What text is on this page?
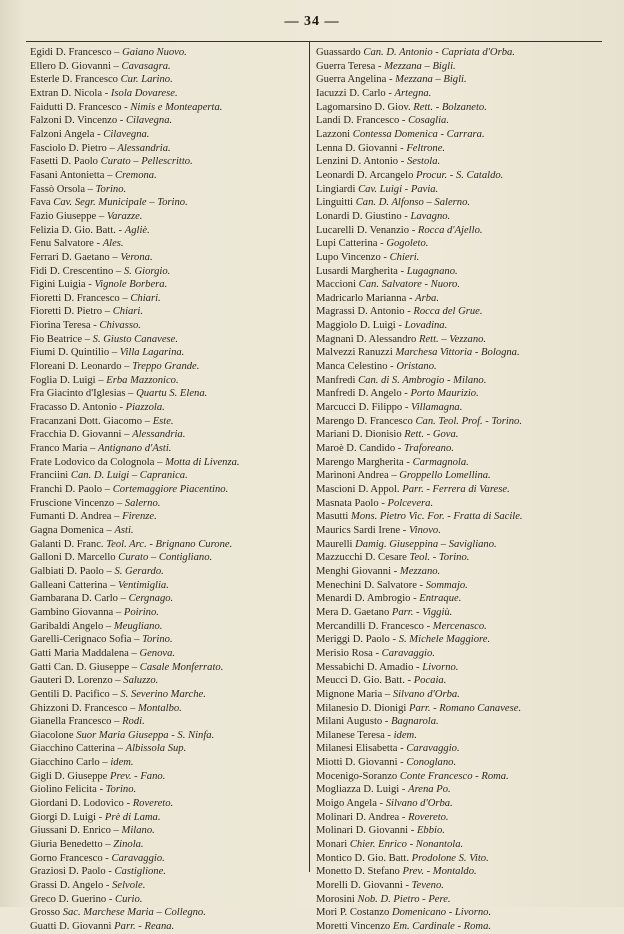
— 34 —
Egidi D. Francesco – Gaiano Nuovo.
Ellero D. Giovanni – Cavasagra.
Esterle D. Francesco Cur. Larino.
Extran D. Nicola - Isola Dovarese.
Faidutti D. Francesco - Nimis e Monteaperta.
Falzoni D. Vincenzo - Cilavegna.
Falzoni Angela - Cilavegna.
Fasciolo D. Pietro – Alessandria.
Fasetti D. Paolo Curato – Pellescritto.
Fasani Antonietta – Cremona.
Fassò Orsola – Torino.
Fava Cav. Segr. Municipale – Torino.
Fazio Giuseppe – Varazze.
Felizia D. Gio. Batt. - Agliè.
Fenu Salvatore - Ales.
Ferrari D. Gaetano – Verona.
Fidi D. Crescentino – S. Giorgio.
Figini Luigia - Vignole Borbera.
Fioretti D. Francesco – Chiari.
Fioretti D. Pietro – Chiari.
Fiorina Teresa - Chivasso.
Fio Beatrice – S. Giusto Canavese.
Fiumi D. Quintilio – Villa Lagarina.
Floreani D. Leonardo – Treppo Grande.
Foglia D. Luigi – Erba Mazzonico.
Fra Giacinto d'Iglesias – Quartu S. Elena.
Fracasso D. Antonio - Piazzola.
Fracanzani Dott. Giacomo – Este.
Fracchia D. Giovanni – Alessandria.
Franco Maria – Antignano d'Asti.
Frate Lodovico da Colognola – Motta di Livenza.
Franciini Can. D. Luigi – Capranica.
Franchi D. Paolo – Cortemaggiore Piacentino.
Fruscione Vincenzo – Salerno.
Fumanti D. Andrea – Firenze.
Gagna Domenica – Asti.
Galanti D. Franc. Teol. Arc. - Brignano Curone.
Galloni D. Marcello Curato – Contigliano.
Galbiati D. Paolo – S. Gerardo.
Galleani Catterina – Ventimiglia.
Gambarana D. Carlo – Cergnago.
Gambino Giovanna – Poirino.
Garibaldi Angelo – Meugliano.
Garelli-Cerignaco Sofia – Torino.
Gatti Maria Maddalena – Genova.
Gatti Can. D. Giuseppe – Casale Monferrato.
Gauteri D. Lorenzo – Saluzzo.
Gentili D. Pacifico – S. Severino Marche.
Ghizzoni D. Francesco – Montalbo.
Gianella Francesco – Rodi.
Giacolone Suor Maria Giuseppa - S. Ninfa.
Giacchino Catterina – Albissola Sup.
Giacchino Carlo – idem.
Gigli D. Giuseppe Prev. - Fano.
Giolino Felicita - Torino.
Giordani D. Lodovico - Rovereto.
Giorgi D. Luigi - Prè di Lama.
Giussani D. Enrico – Milano.
Giuria Benedetto – Zinola.
Gorno Francesco - Caravaggio.
Graziosi D. Paolo - Castiglione.
Grassi D. Angelo - Selvole.
Greco D. Guerino - Curio.
Grosso Sac. Marchese Maria – Collegno.
Guatti D. Giovanni Parr. - Reana.
Guassardo Can. D. Antonio - Capriata d'Orba.
Guerra Teresa - Mezzana – Bigli.
Guerra Angelina - Mezzana – Bigli.
Iacuzzi D. Carlo - Artegna.
Lagomarsino D. Giov. Rett. - Bolzaneto.
Landi D. Francesco - Cosaglia.
Lazzoni Contessa Domenica - Carrara.
Lenna D. Giovanni - Feltrone.
Lenzini D. Antonio - Sestola.
Leonardi D. Arcangelo Procur. - S. Cataldo.
Lingiardi Cav. Luigi - Pavia.
Linguitti Can. D. Alfonso – Salerno.
Lonardi D. Giustino - Lavagno.
Lucarelli D. Venanzio - Rocca d'Ajello.
Lupi Catterina - Gogoleto.
Lupo Vincenzo - Chieri.
Lusardi Margherita - Lugagnano.
Maccioni Can. Salvatore - Nuoro.
Madricarlo Marianna - Arba.
Magrassi D. Antonio - Rocca del Grue.
Maggiolo D. Luigi - Lovadina.
Magnani D. Alessandro Rett. – Vezzano.
Malvezzi Ranuzzi Marchesa Vittoria - Bologna.
Manca Celestino - Oristano.
Manfredi Can. di S. Ambrogio - Milano.
Manfredi D. Angelo - Porto Maurizio.
Marcucci D. Filippo - Villamagna.
Marengo D. Francesco Can. Teol. Prof. - Torino.
Mariani D. Dionisio Rett. - Gova.
Maroè D. Candido - Traforeano.
Marengo Margherita - Carmagnola.
Marinoni Andrea – Groppello Lomellina.
Mascioni D. Appol. Parr. - Ferrera di Varese.
Masnata Paolo - Polcevera.
Masutti Mons. Pietro Vic. For. - Fratta di Sacile.
Maurics Sardi Irene - Vinovo.
Maurelli Damig. Giuseppina – Savigliano.
Mazzucchi D. Cesare Teol. - Torino.
Menghi Giovanni - Mezzano.
Menechini D. Salvatore - Sommajo.
Menardi D. Ambrogio - Entraque.
Mera D. Gaetano Parr. - Viggiù.
Mercandilli D. Francesco - Mercenasco.
Meriggi D. Paolo - S. Michele Maggiore.
Merisio Rosa - Caravaggio.
Messabichi D. Amadio - Livorno.
Meucci D. Gio. Batt. - Pocaia.
Mignone Maria – Silvano d'Orba.
Milanesio D. Dionigi Parr. - Romano Canavese.
Milani Augusto - Bagnarola.
Milanese Teresa - idem.
Milanesi Elisabetta - Caravaggio.
Miotti D. Giovanni - Conoglano.
Mocenigo-Soranzo Conte Francesco - Roma.
Mogliazza D. Luigi - Arena Po.
Moigo Angela - Silvano d'Orba.
Molinari D. Andrea - Rovereto.
Molinari D. Giovanni - Ebbio.
Monari Chier. Enrico - Nonantola.
Montico D. Gio. Batt. Prodolone S. Vito.
Monetto D. Stefano Prev. - Montaldo.
Morelli D. Giovanni - Teveno.
Morosini Nob. D. Pietro - Pere.
Mori P. Costanzo Domenicano - Livorno.
Moretti Vincenzo Em. Cardinale - Roma.
